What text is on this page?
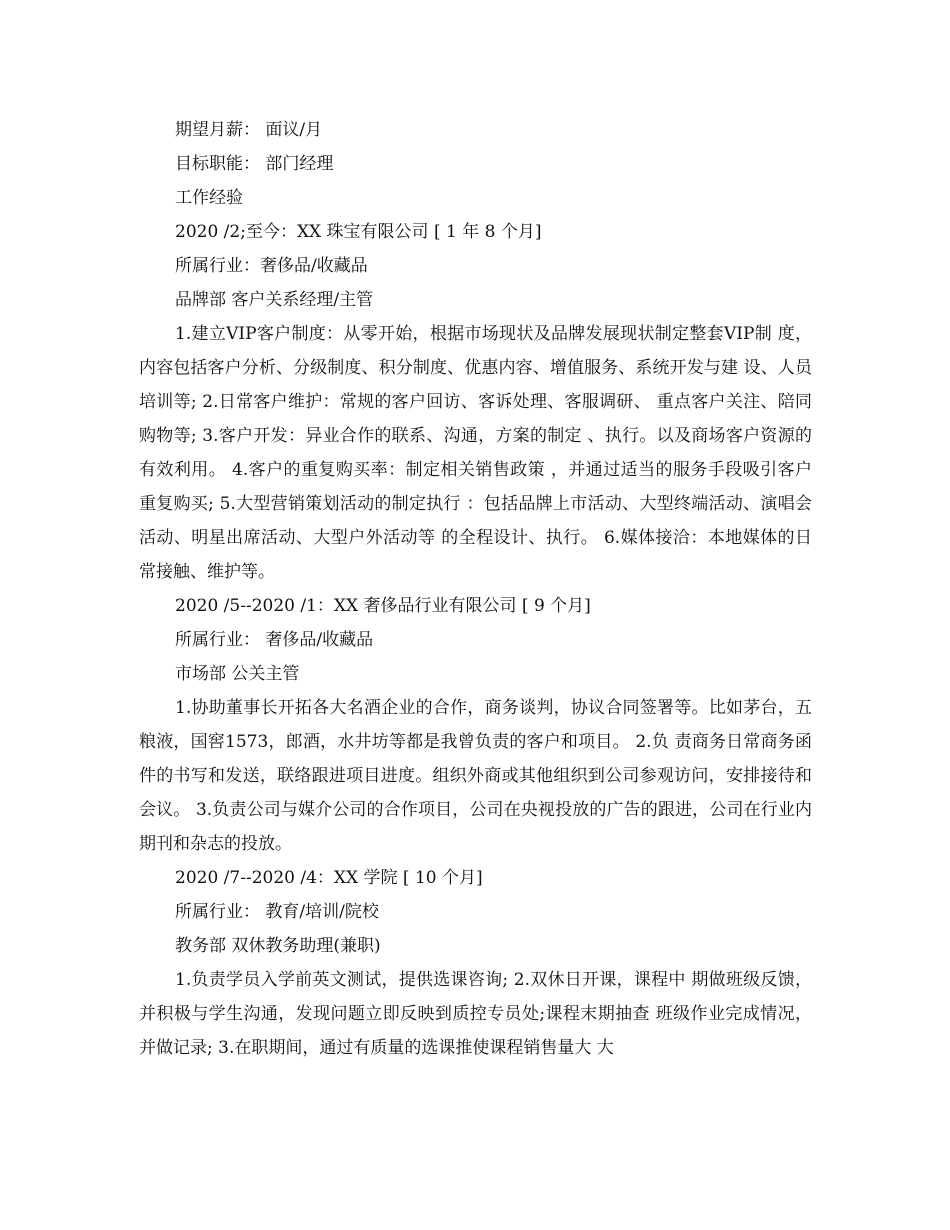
期望月薪： 面议/月
目标职能： 部门经理
工作经验
2020 /2;至今：XX 珠宝有限公司 [ 1 年 8 个月]
所属行业：奢侈品/收藏品
品牌部 客户关系经理/主管

1.建立VIP客户制度：从零开始，根据市场现状及品牌发展现状制定整套VIP制 度，内容包括客户分析、分级制度、积分制度、优惠内容、增值服务、系统开发与建 设、人员培训等; 2.日常客户维护：常规的客户回访、客诉处理、客服调研、 重点客户关注、陪同购物等; 3.客户开发：异业合作的联系、沟通，方案的制定 、执行。以及商场客户资源的有效利用。 4.客户的重复购买率：制定相关销售政策 ，并通过适当的服务手段吸引客户重复购买; 5.大型营销策划活动的制定执行 ：包括品牌上市活动、大型终端活动、演唱会活动、明星出席活动、大型户外活动等 的全程设计、执行。 6.媒体接洽：本地媒体的日常接触、维护等。

2020 /5--2020 /1：XX 奢侈品行业有限公司 [ 9 个月]
所属行业： 奢侈品/收藏品
市场部 公关主管

1.协助董事长开拓各大名酒企业的合作，商务谈判，协议合同签署等。比如茅台，五粮液，国窖1573，郎酒，水井坊等都是我曾负责的客户和项目。 2.负 责商务日常商务函件的书写和发送，联络跟进项目进度。组织外商或其他组织到公司参观访问，安排接待和会议。 3.负责公司与媒介公司的合作项目，公司在央视投放的广告的跟进，公司在行业内期刊和杂志的投放。

2020 /7--2020 /4：XX 学院 [ 10 个月]
所属行业： 教育/培训/院校
教务部 双休教务助理(兼职)

1.负责学员入学前英文测试，提供选课咨询; 2.双休日开课，课程中 期做班级反馈，并积极与学生沟通，发现问题立即反映到质控专员处;课程末期抽查 班级作业完成情况，并做记录; 3.在职期间，通过有质量的选课推使课程销售量大 大
